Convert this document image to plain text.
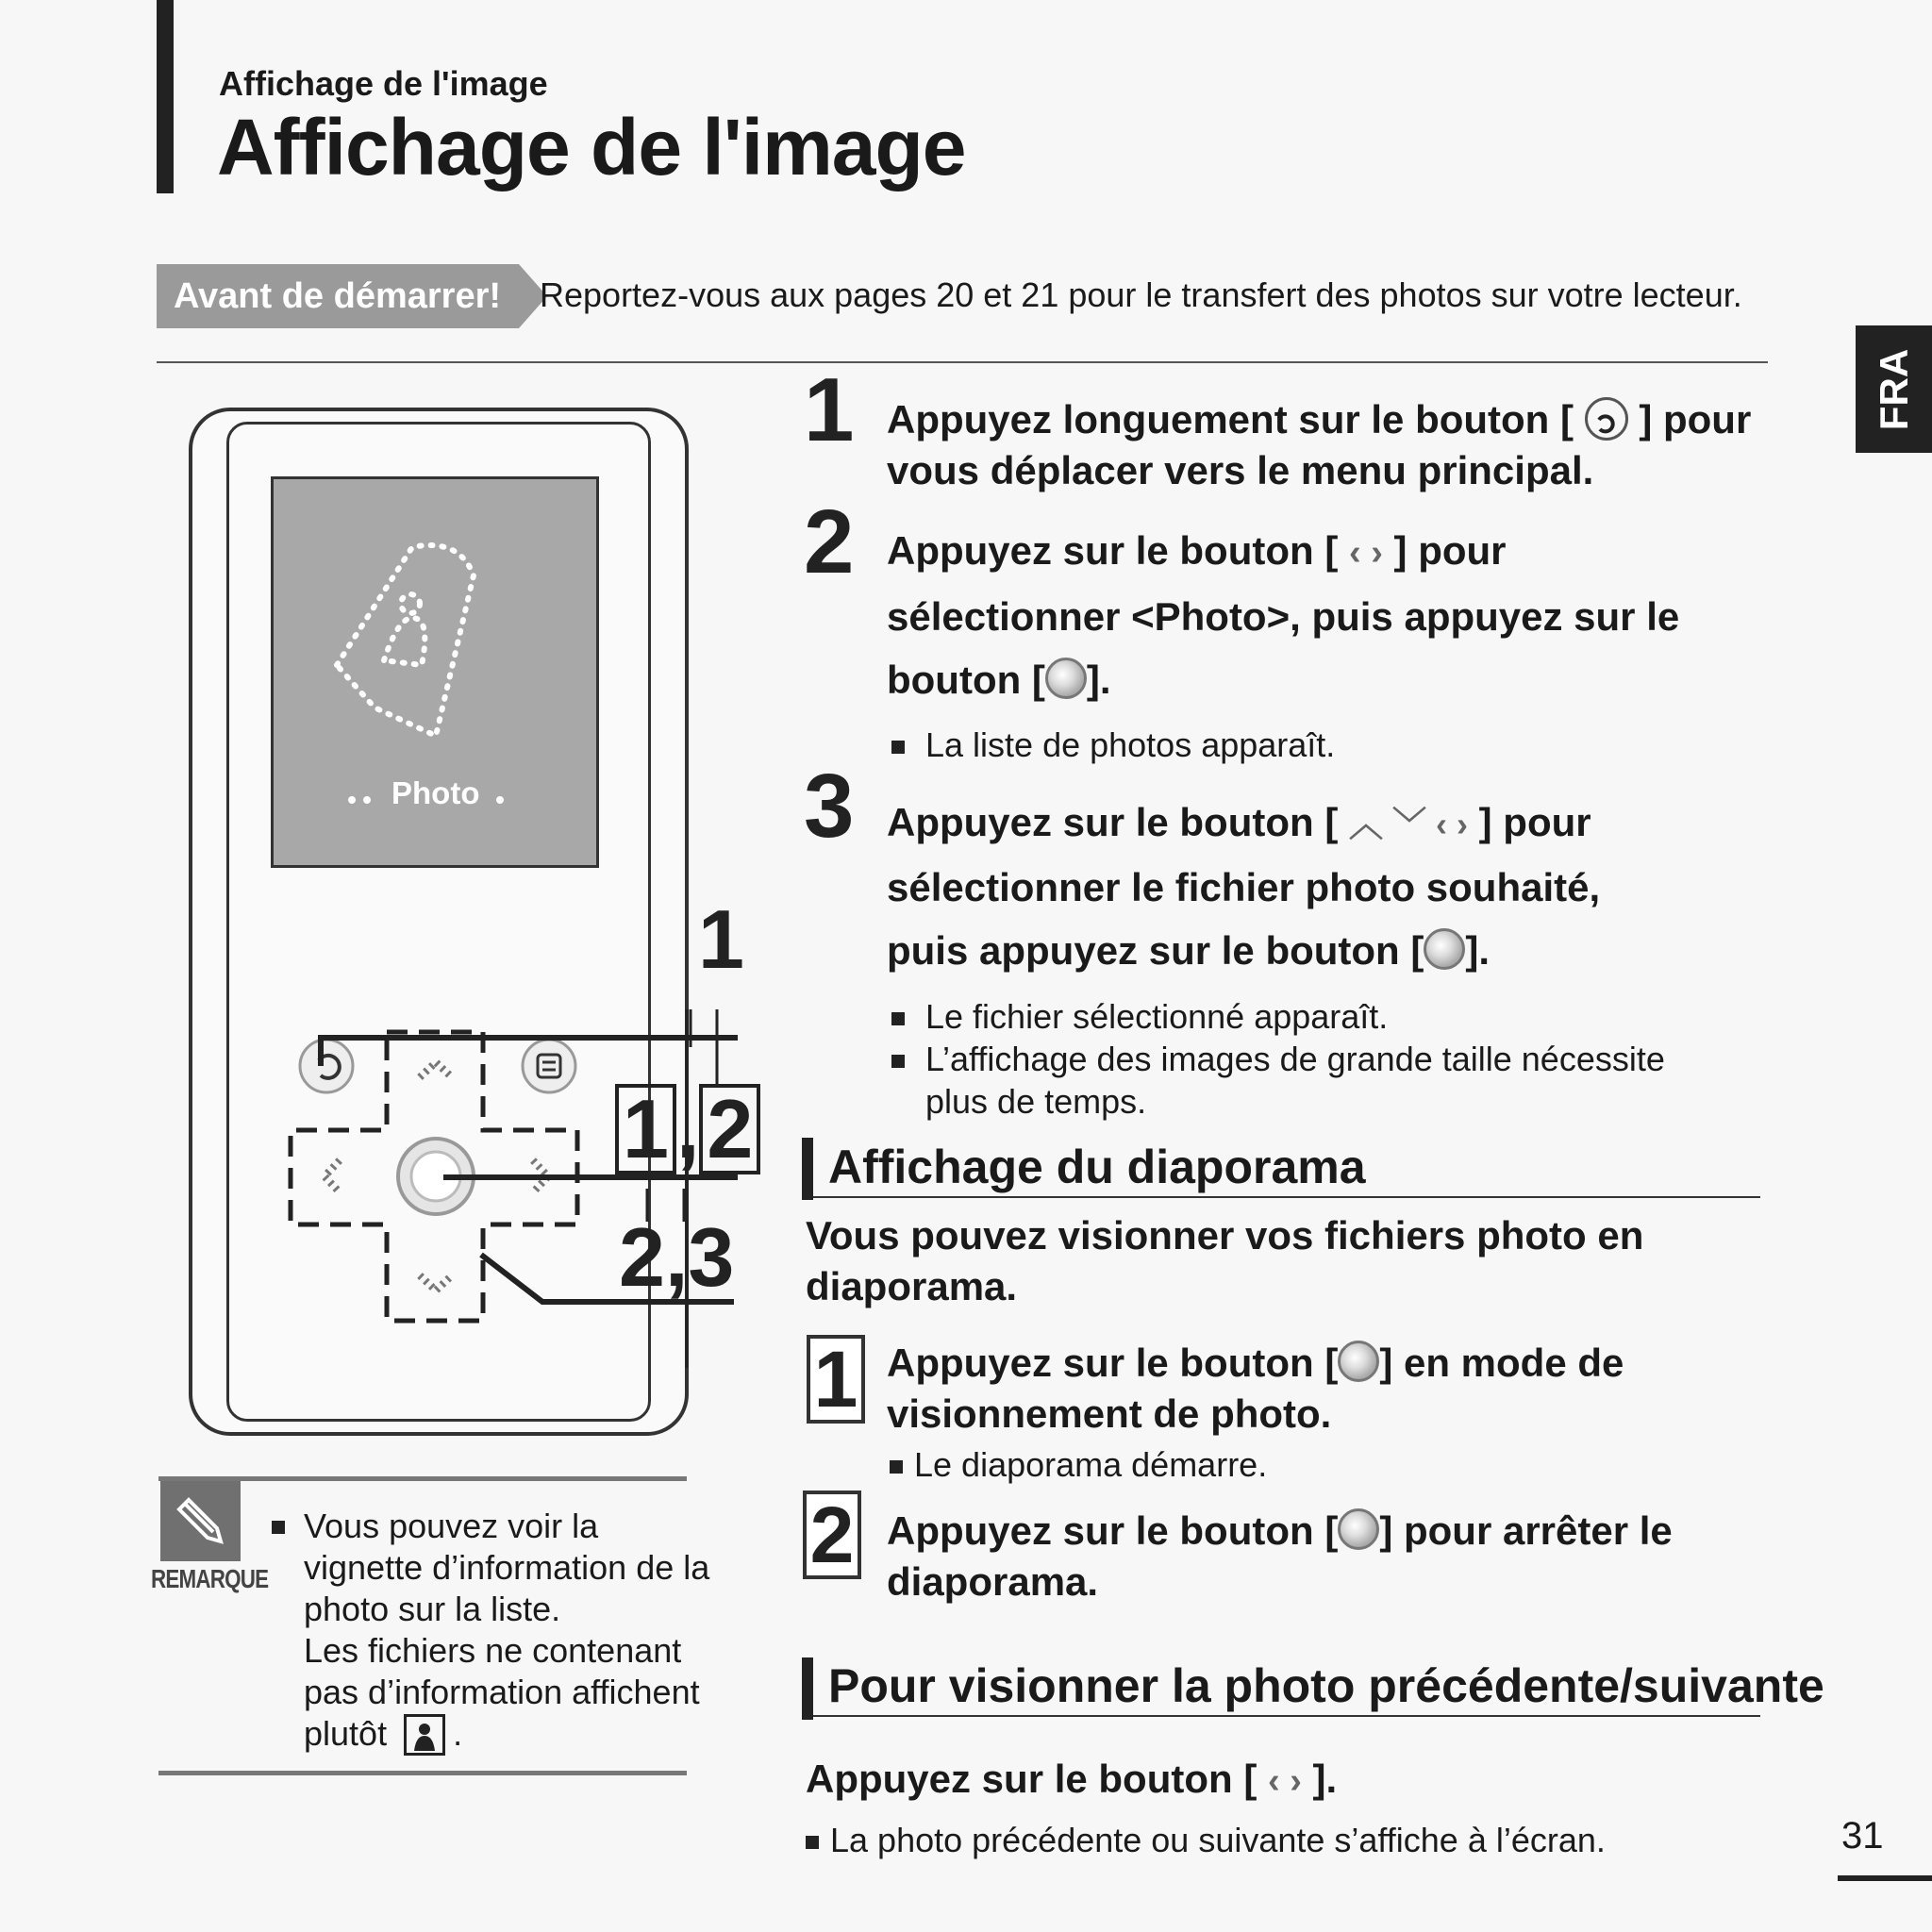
Affichage de l'image
Affichage de l'image
Avant de démarrer!	Reportez-vous aux pages 20 et 21 pour le transfert des photos sur votre lecteur.
FRA
Photo
1
1,2
2,3
REMARQUE
Vous pouvez voir la
vignette d’information de la
photo sur la liste.
Les fichiers ne contenant
pas d’information affichent
plutôt .
1 Appuyez longuement sur le bouton [ ] pour
vous déplacer vers le menu principal.
2 Appuyez sur le bouton [ ‹ › ] pour
sélectionner <Photo>, puis appuyez sur le
bouton [ ].
La liste de photos apparaît.
3 Appuyez sur le bouton [ ︿ ﹀ ‹ › ] pour
sélectionner le fichier photo souhaité,
puis appuyez sur le bouton [ ].
Le fichier sélectionné apparaît.
L’affichage des images de grande taille nécessite
plus de temps.
Affichage du diaporama
Vous pouvez visionner vos fichiers photo en
diaporama.
1 Appuyez sur le bouton [ ] en mode de
visionnement de photo.
Le diaporama démarre.
2 Appuyez sur le bouton [ ] pour arrêter le
diaporama.
Pour visionner la photo précédente/suivante
Appuyez sur le bouton [ ‹ › ].
La photo précédente ou suivante s’affiche à l’écran.	31
